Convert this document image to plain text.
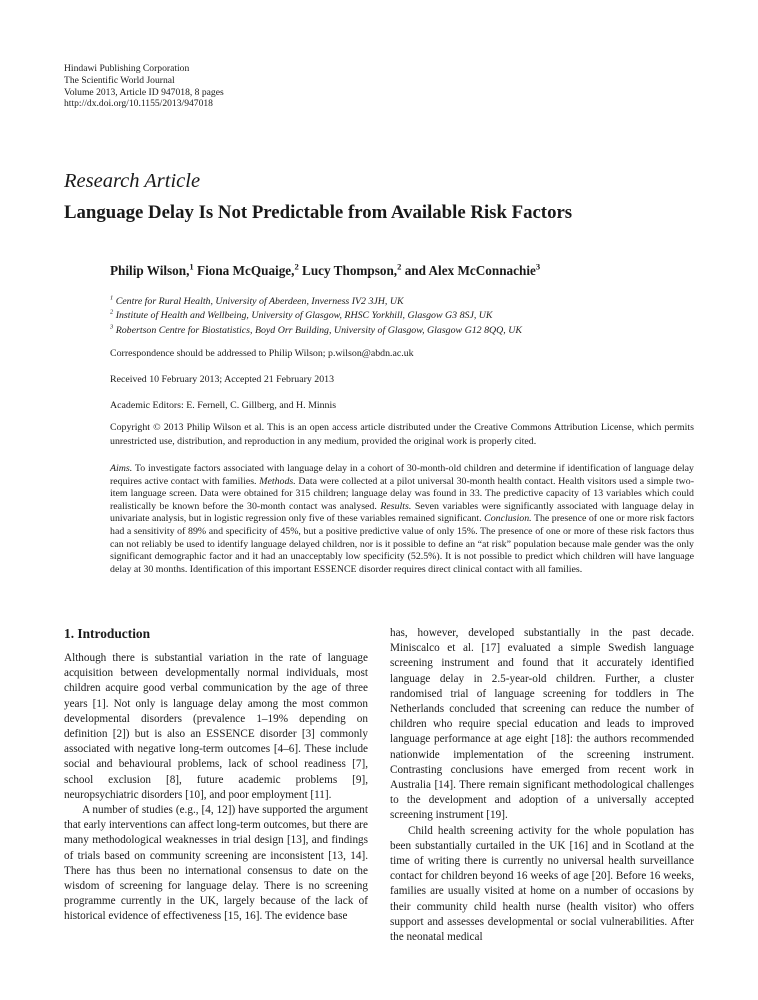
Hindawi Publishing Corporation
The Scientific World Journal
Volume 2013, Article ID 947018, 8 pages
http://dx.doi.org/10.1155/2013/947018
Research Article
Language Delay Is Not Predictable from Available Risk Factors
Philip Wilson,$^1$ Fiona McQuaige,$^2$ Lucy Thompson,$^2$ and Alex McConnachie$^3$
$^1$ Centre for Rural Health, University of Aberdeen, Inverness IV2 3JH, UK
$^2$ Institute of Health and Wellbeing, University of Glasgow, RHSC Yorkhill, Glasgow G3 8SJ, UK
$^3$ Robertson Centre for Biostatistics, Boyd Orr Building, University of Glasgow, Glasgow G12 8QQ, UK
Correspondence should be addressed to Philip Wilson; p.wilson@abdn.ac.uk
Received 10 February 2013; Accepted 21 February 2013
Academic Editors: E. Fernell, C. Gillberg, and H. Minnis
Copyright © 2013 Philip Wilson et al. This is an open access article distributed under the Creative Commons Attribution License, which permits unrestricted use, distribution, and reproduction in any medium, provided the original work is properly cited.
Aims. To investigate factors associated with language delay in a cohort of 30-month-old children and determine if identification of language delay requires active contact with families. Methods. Data were collected at a pilot universal 30-month health contact. Health visitors used a simple two-item language screen. Data were obtained for 315 children; language delay was found in 33. The predictive capacity of 13 variables which could realistically be known before the 30-month contact was analysed. Results. Seven variables were significantly associated with language delay in univariate analysis, but in logistic regression only five of these variables remained significant. Conclusion. The presence of one or more risk factors had a sensitivity of 89% and specificity of 45%, but a positive predictive value of only 15%. The presence of one or more of these risk factors thus can not reliably be used to identify language delayed children, nor is it possible to define an “at risk” population because male gender was the only significant demographic factor and it had an unacceptably low specificity (52.5%). It is not possible to predict which children will have language delay at 30 months. Identification of this important ESSENCE disorder requires direct clinical contact with all families.
1. Introduction

Although there is substantial variation in the rate of language acquisition between developmentally normal individuals, most children acquire good verbal communication by the age of three years [1]. Not only is language delay among the most common developmental disorders (prevalence 1–19% depending on definition [2]) but is also an ESSENCE disorder [3] commonly associated with negative long-term outcomes [4–6]. These include social and behavioural problems, lack of school readiness [7], school exclusion [8], future academic problems [9], neuropsychiatric disorders [10], and poor employment [11].

A number of studies (e.g., [4, 12]) have supported the argument that early interventions can affect long-term outcomes, but there are many methodological weaknesses in trial design [13], and findings of trials based on community screening are inconsistent [13, 14]. There has thus been no international consensus to date on the wisdom of screening for language delay. There is no screening programme currently in the UK, largely because of the lack of historical evidence of effectiveness [15, 16]. The evidence base

has, however, developed substantially in the past decade. Miniscalco et al. [17] evaluated a simple Swedish language screening instrument and found that it accurately identified language delay in 2.5-year-old children. Further, a cluster randomised trial of language screening for toddlers in The Netherlands concluded that screening can reduce the number of children who require special education and leads to improved language performance at age eight [18]: the authors recommended nationwide implementation of the screening instrument. Contrasting conclusions have emerged from recent work in Australia [14]. There remain significant methodological challenges to the development and adoption of a universally accepted screening instrument [19].

Child health screening activity for the whole population has been substantially curtailed in the UK [16] and in Scotland at the time of writing there is currently no universal health surveillance contact for children beyond 16 weeks of age [20]. Before 16 weeks, families are usually visited at home on a number of occasions by their community child health nurse (health visitor) who offers support and assesses developmental or social vulnerabilities. After the neonatal medical
